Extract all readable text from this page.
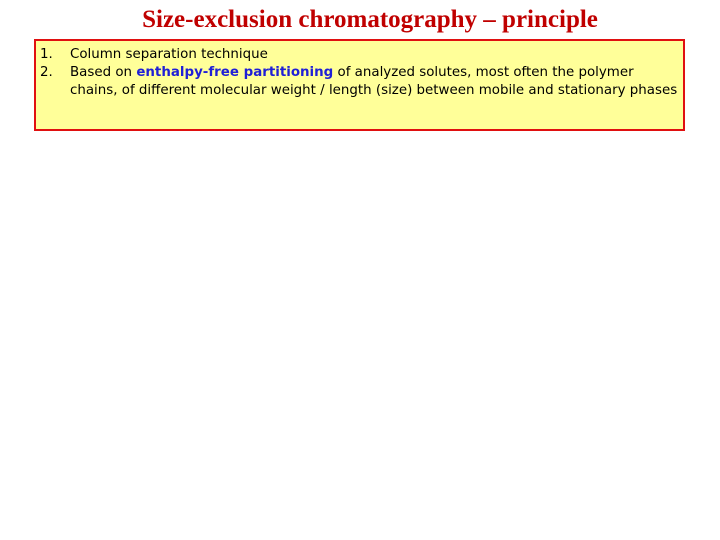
Size-exclusion chromatography – principle
1. Column separation technique
2. Based on enthalpy-free partitioning of analyzed solutes, most often the polymer chains, of different molecular weight / length (size) between mobile and stationary phases
